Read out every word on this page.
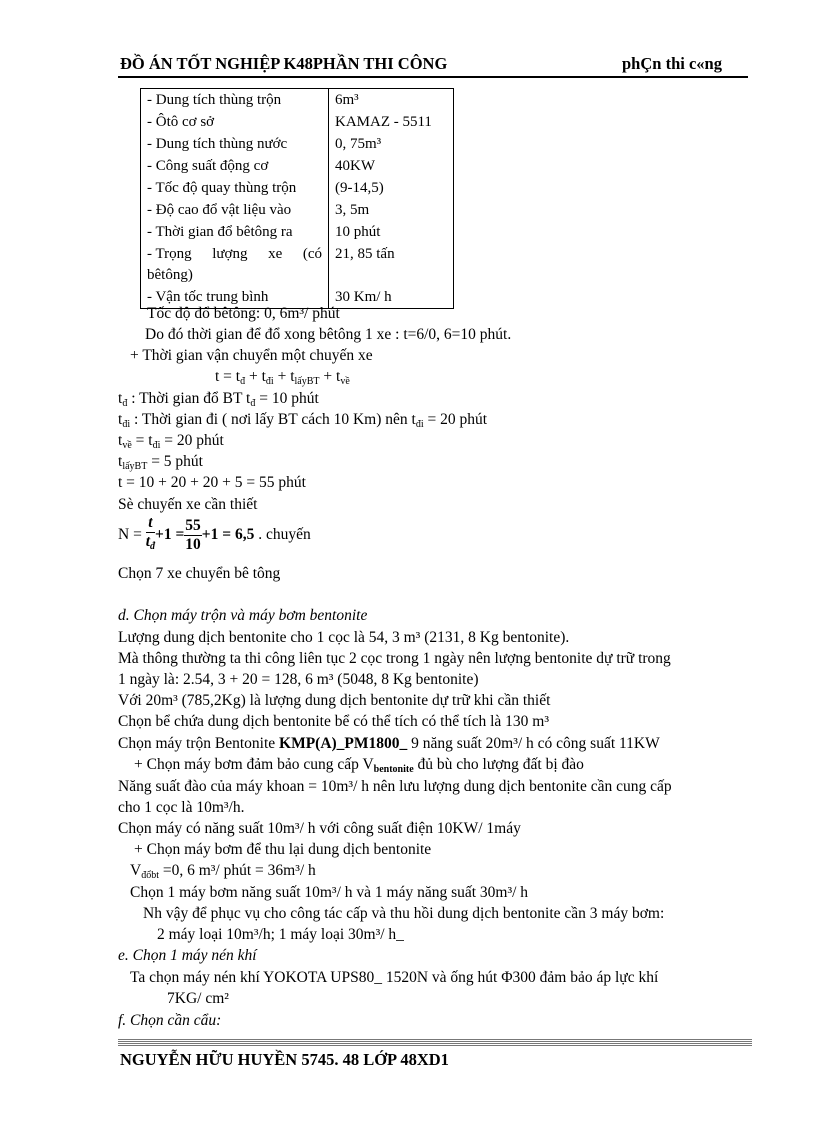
ĐỒ ÁN TỐT NGHIỆP K48PHẦN THI CÔNG	phÇn thi c«ng
- Dung tích thùng trộn	6m³
- Ôtô cơ sở	KAMAZ - 5511
- Dung tích thùng nước	0, 75m³
- Công suất động cơ	40KW
- Tốc độ quay thùng trộn	(9-14,5)
- Độ cao đổ vật liệu vào	3, 5m
- Thời gian đổ bêtông ra	10 phút

- Trọng lượng xe (có
bêtông)	21, 85 tấn
- Vận tốc trung bình	30 Km/ h
Tốc độ đổ bêtông: 0, 6m³/ phút
Do đó thời gian để đổ xong bêtông 1 xe : t=6/0, 6=10 phút.
+ Thời gian vận chuyển một chuyến xe
$t = t_đ + t_{đi} + t_{lấyBT} + t_{về}$
$t_đ$ : Thời gian đổ BT $t_đ = 10$ phút
$t_{đi}$ : Thời gian đi ( nơi lấy BT cách 10 Km) nên $t_{đi} = 20$ phút
$t_{về} = t_{đi} = 20$ phút
$t_{lấyBT} = 5$ phút
t = 10 + 20 + 20 + 5 = 55 phút
Sè chuyến xe cần thiết
$N = \frac{t}{t_đ} +1 = \frac{55}{10} +1 = 6,5$ . chuyến
Chọn 7 xe chuyển bê tông
d. Chọn máy trộn và máy bơm bentonite
Lượng dung dịch bentonite cho 1 cọc là 54, 3 m³ (2131, 8 Kg bentonite).
Mà thông thường ta thi công liên tục 2 cọc trong 1 ngày nên lượng bentonite dự trữ trong
1 ngày là: 2.54, 3 + 20 = 128, 6 m³ (5048, 8 Kg bentonite)
Với 20m³ (785,2Kg) là lượng dung dịch bentonite dự trữ khi cần thiết
Chọn bể chứa dung dịch bentonite bể có thể tích có thể tích là 130 m³
Chọn máy trộn Bentonite KMP(A)_PM1800_ 9 năng suất 20m³/ h có công suất 11KW
+ Chọn máy bơm đảm bảo cung cấp $V_{bentonite}$ đủ bù cho lượng đất bị đào
Năng suất đào của máy khoan = 10m³/ h nên lưu lượng dung dịch bentonite cần cung cấp
cho 1 cọc là 10m³/h.
Chọn máy có năng suất 10m³/ h với công suất điện 10KW/ 1máy
+ Chọn máy bơm để thu lại dung dịch bentonite
$V_{đổbt} =0$, 6 m³/ phút = 36m³/ h
Chọn 1 máy bơm năng suất 10m³/ h và 1 máy năng suất 30m³/ h
Nh vậy để phục vụ cho công tác cấp và thu hồi dung dịch bentonite cần 3 máy bơm:
2 máy loại 10m³/h; 1 máy loại 30m³/ h_
e. Chọn 1 máy nén khí
Ta chọn máy nén khí YOKOTA UPS80_ 1520N và ống hút Φ300 đảm bảo áp lực khí
7KG/ cm²
f. Chọn cần cẩu:
NGUYỄN HỮU HUYỀN 5745. 48 LỚP 48XD1
